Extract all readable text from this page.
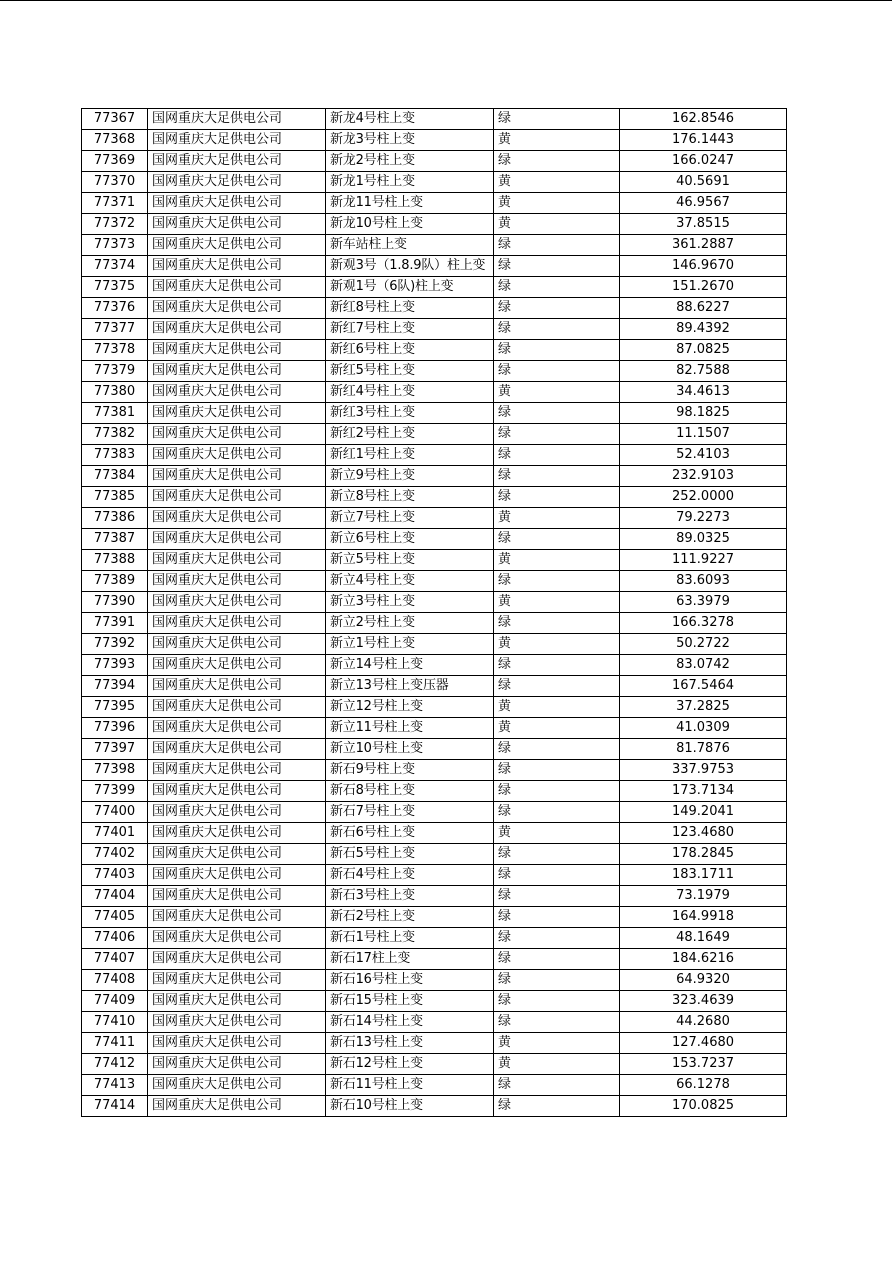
77367	国网重庆大足供电公司	新龙4号柱上变	绿	162.8546
77368	国网重庆大足供电公司	新龙3号柱上变	黄	176.1443
77369	国网重庆大足供电公司	新龙2号柱上变	绿	166.0247
77370	国网重庆大足供电公司	新龙1号柱上变	黄	40.5691
77371	国网重庆大足供电公司	新龙11号柱上变	黄	46.9567
77372	国网重庆大足供电公司	新龙10号柱上变	黄	37.8515
77373	国网重庆大足供电公司	新车站柱上变	绿	361.2887
77374	国网重庆大足供电公司	新观3号（1.8.9队）柱上变	绿	146.9670
77375	国网重庆大足供电公司	新观1号（6队)柱上变	绿	151.2670
77376	国网重庆大足供电公司	新红8号柱上变	绿	88.6227
77377	国网重庆大足供电公司	新红7号柱上变	绿	89.4392
77378	国网重庆大足供电公司	新红6号柱上变	绿	87.0825
77379	国网重庆大足供电公司	新红5号柱上变	绿	82.7588
77380	国网重庆大足供电公司	新红4号柱上变	黄	34.4613
77381	国网重庆大足供电公司	新红3号柱上变	绿	98.1825
77382	国网重庆大足供电公司	新红2号柱上变	绿	11.1507
77383	国网重庆大足供电公司	新红1号柱上变	绿	52.4103
77384	国网重庆大足供电公司	新立9号柱上变	绿	232.9103
77385	国网重庆大足供电公司	新立8号柱上变	绿	252.0000
77386	国网重庆大足供电公司	新立7号柱上变	黄	79.2273
77387	国网重庆大足供电公司	新立6号柱上变	绿	89.0325
77388	国网重庆大足供电公司	新立5号柱上变	黄	111.9227
77389	国网重庆大足供电公司	新立4号柱上变	绿	83.6093
77390	国网重庆大足供电公司	新立3号柱上变	黄	63.3979
77391	国网重庆大足供电公司	新立2号柱上变	绿	166.3278
77392	国网重庆大足供电公司	新立1号柱上变	黄	50.2722
77393	国网重庆大足供电公司	新立14号柱上变	绿	83.0742
77394	国网重庆大足供电公司	新立13号柱上变压器	绿	167.5464
77395	国网重庆大足供电公司	新立12号柱上变	黄	37.2825
77396	国网重庆大足供电公司	新立11号柱上变	黄	41.0309
77397	国网重庆大足供电公司	新立10号柱上变	绿	81.7876
77398	国网重庆大足供电公司	新石9号柱上变	绿	337.9753
77399	国网重庆大足供电公司	新石8号柱上变	绿	173.7134
77400	国网重庆大足供电公司	新石7号柱上变	绿	149.2041
77401	国网重庆大足供电公司	新石6号柱上变	黄	123.4680
77402	国网重庆大足供电公司	新石5号柱上变	绿	178.2845
77403	国网重庆大足供电公司	新石4号柱上变	绿	183.1711
77404	国网重庆大足供电公司	新石3号柱上变	绿	73.1979
77405	国网重庆大足供电公司	新石2号柱上变	绿	164.9918
77406	国网重庆大足供电公司	新石1号柱上变	绿	48.1649
77407	国网重庆大足供电公司	新石17柱上变	绿	184.6216
77408	国网重庆大足供电公司	新石16号柱上变	绿	64.9320
77409	国网重庆大足供电公司	新石15号柱上变	绿	323.4639
77410	国网重庆大足供电公司	新石14号柱上变	绿	44.2680
77411	国网重庆大足供电公司	新石13号柱上变	黄	127.4680
77412	国网重庆大足供电公司	新石12号柱上变	黄	153.7237
77413	国网重庆大足供电公司	新石11号柱上变	绿	66.1278
77414	国网重庆大足供电公司	新石10号柱上变	绿	170.0825
